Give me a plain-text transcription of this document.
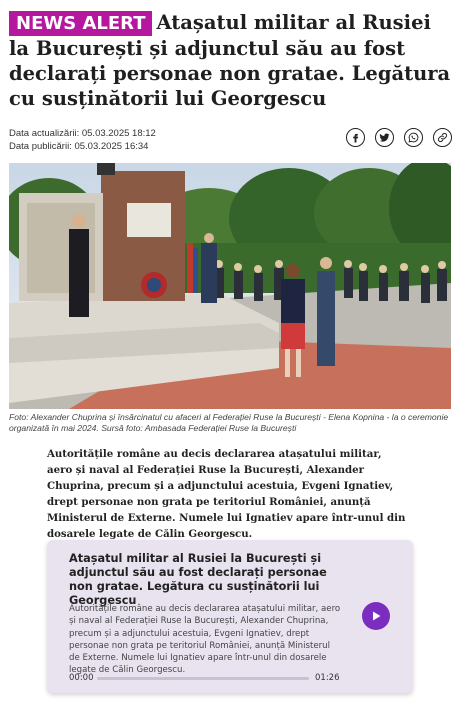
NEWS ALERT Atașatul militar al Rusiei la București și adjunctul său au fost declarați personae non gratae. Legătura cu susținătorii lui Georgescu
Data actualizării: 05.03.2025 18:12
Data publicării: 05.03.2025 16:34
Foto: Alexander Chuprina și însărcinatul cu afaceri al Federației Ruse la București - Elena Kopnina - la o ceremonie organizată în mai 2024. Sursă foto: Ambasada Federației Ruse la București
Autoritățile române au decis declararea atașatului militar, aero și naval al Federației Ruse la București, Alexander Chuprina, precum și a adjunctului acestuia, Evgeni Ignatiev, drept personae non grata pe teritoriul României, anunță Ministerul de Externe. Numele lui Ignatiev apare într-unul din dosarele legate de Călin Georgescu.
Atașatul militar al Rusiei la București și adjunctul său au fost declarați personae non gratae. Legătura cu susținătorii lui Georgescu
Autoritățile române au decis declararea atașatului militar, aero și naval al Federației Ruse la București, Alexander Chuprina, precum și a adjunctului acestuia, Evgeni Ignatiev, drept personae non grata pe teritoriul României, anunță Ministerul de Externe. Numele lui Ignatiev apare într-unul din dosarele legate de Călin Georgescu.
00:00	01:26
